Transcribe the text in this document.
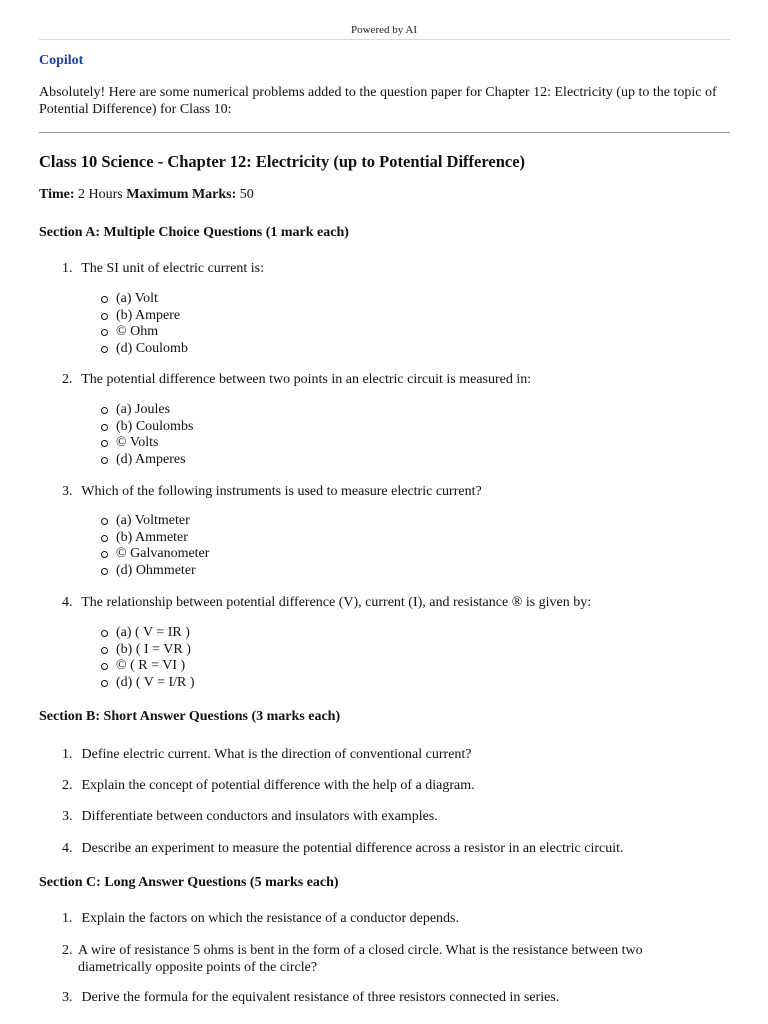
Powered by AI
Copilot
Absolutely! Here are some numerical problems added to the question paper for Chapter 12: Electricity (up to the topic of Potential Difference) for Class 10:
Class 10 Science - Chapter 12: Electricity (up to Potential Difference)
Time: 2 Hours Maximum Marks: 50
Section A: Multiple Choice Questions (1 mark each)
1. The SI unit of electric current is:
(a) Volt
(b) Ampere
© Ohm
(d) Coulomb
2. The potential difference between two points in an electric circuit is measured in:
(a) Joules
(b) Coulombs
© Volts
(d) Amperes
3. Which of the following instruments is used to measure electric current?
(a) Voltmeter
(b) Ammeter
© Galvanometer
(d) Ohmmeter
4. The relationship between potential difference (V), current (I), and resistance ® is given by:
(a) ( V = IR )
(b) ( I = VR )
© ( R = VI )
(d) ( V = I/R )
Section B: Short Answer Questions (3 marks each)
1. Define electric current. What is the direction of conventional current?
2. Explain the concept of potential difference with the help of a diagram.
3. Differentiate between conductors and insulators with examples.
4. Describe an experiment to measure the potential difference across a resistor in an electric circuit.
Section C: Long Answer Questions (5 marks each)
1. Explain the factors on which the resistance of a conductor depends.
2. A wire of resistance 5 ohms is bent in the form of a closed circle. What is the resistance between two diametrically opposite points of the circle?
3. Derive the formula for the equivalent resistance of three resistors connected in series.
